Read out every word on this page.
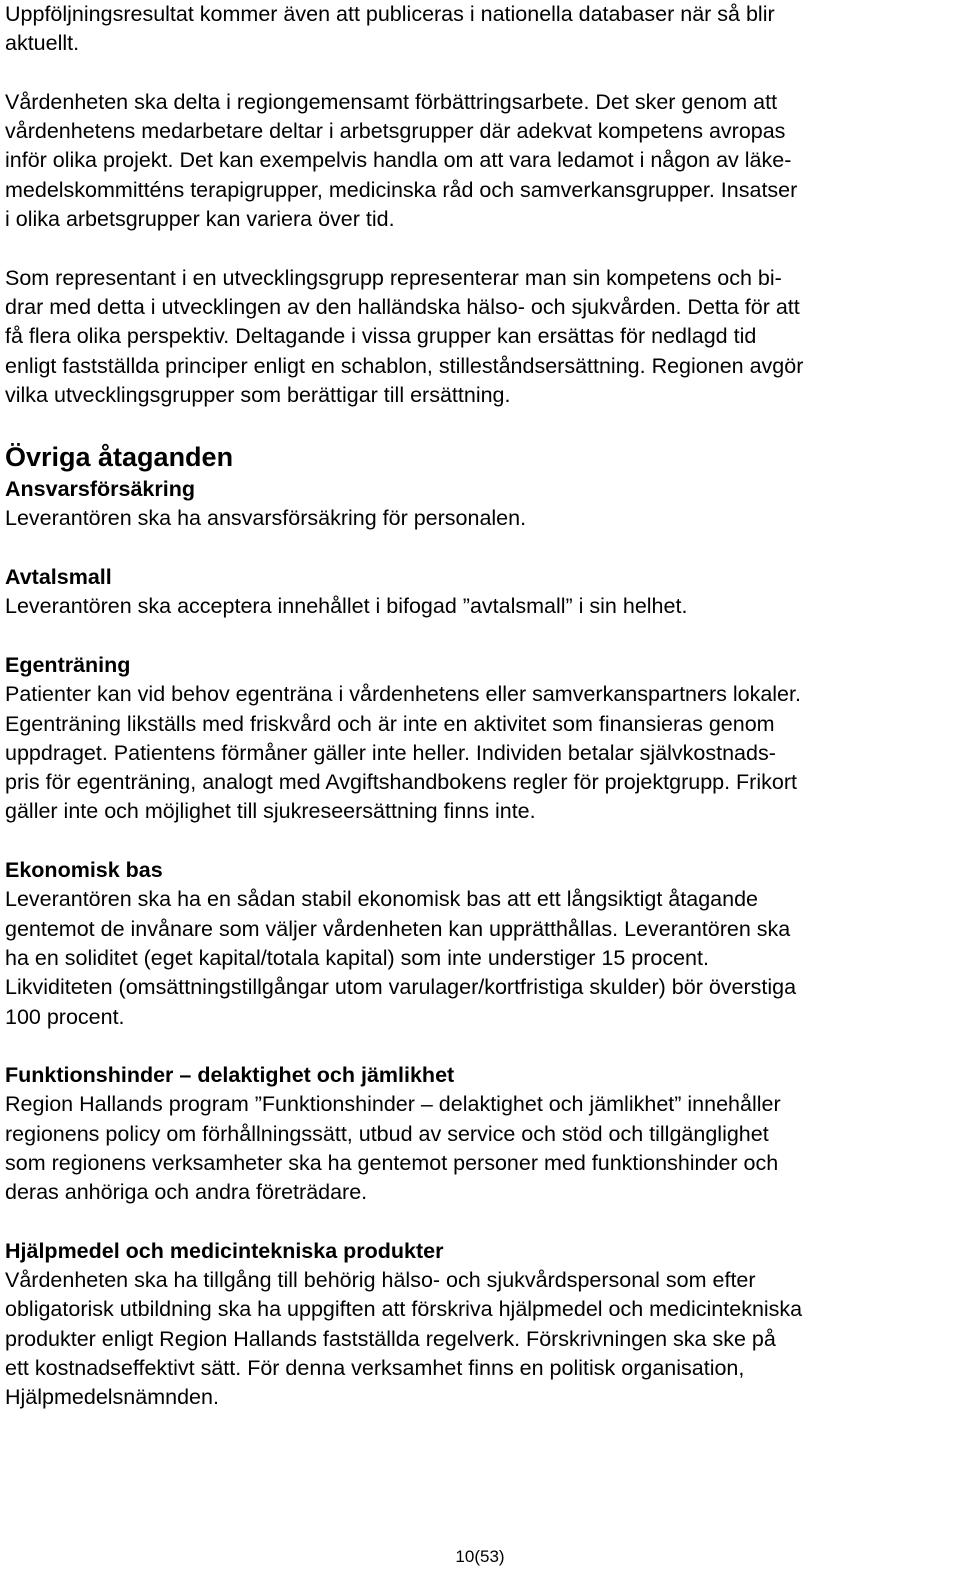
Uppföljningsresultat kommer även att publiceras i nationella databaser när så blir
aktuellt.

Vårdenheten ska delta i regiongemensamt förbättringsarbete. Det sker genom att
vårdenhetens medarbetare deltar i arbetsgrupper där adekvat kompetens avropas
inför olika projekt. Det kan exempelvis handla om att vara ledamot i någon av läke-
medelskommitténs terapigrupper, medicinska råd och samverkansgrupper. Insatser
i olika arbetsgrupper kan variera över tid.

Som representant i en utvecklingsgrupp representerar man sin kompetens och bi-
drar med detta i utvecklingen av den halländska hälso- och sjukvården. Detta för att
få flera olika perspektiv. Deltagande i vissa grupper kan ersättas för nedlagd tid
enligt fastställda principer enligt en schablon, stilleståndsersättning. Regionen avgör
vilka utvecklingsgrupper som berättigar till ersättning.

Övriga åtaganden
Ansvarsförsäkring

Leverantören ska ha ansvarsförsäkring för personalen.

Avtalsmall

Leverantören ska acceptera innehållet i bifogad ”avtalsmall” i sin helhet.

Egenträning

Patienter kan vid behov egenträna i vårdenhetens eller samverkanspartners lokaler.
Egenträning likställs med friskvård och är inte en aktivitet som finansieras genom
uppdraget. Patientens förmåner gäller inte heller. Individen betalar självkostnads-
pris för egenträning, analogt med Avgiftshandbokens regler för projektgrupp. Frikort
gäller inte och möjlighet till sjukreseersättning finns inte.

Ekonomisk bas

Leverantören ska ha en sådan stabil ekonomisk bas att ett långsiktigt åtagande
gentemot de invånare som väljer vårdenheten kan upprätthållas. Leverantören ska
ha en soliditet (eget kapital/totala kapital) som inte understiger 15 procent.
Likviditeten (omsättningstillgångar utom varulager/kortfristiga skulder) bör överstiga
100 procent.

Funktionshinder – delaktighet och jämlikhet

Region Hallands program ”Funktionshinder – delaktighet och jämlikhet” innehåller
regionens policy om förhållningssätt, utbud av service och stöd och tillgänglighet
som regionens verksamheter ska ha gentemot personer med funktionshinder och
deras anhöriga och andra företrädare.

Hjälpmedel och medicintekniska produkter

Vårdenheten ska ha tillgång till behörig hälso- och sjukvårdspersonal som efter
obligatorisk utbildning ska ha uppgiften att förskriva hjälpmedel och medicintekniska
produkter enligt Region Hallands fastställda regelverk. Förskrivningen ska ske på
ett kostnadseffektivt sätt. För denna verksamhet finns en politisk organisation,
Hjälpmedelsnämnden.

10(53)
